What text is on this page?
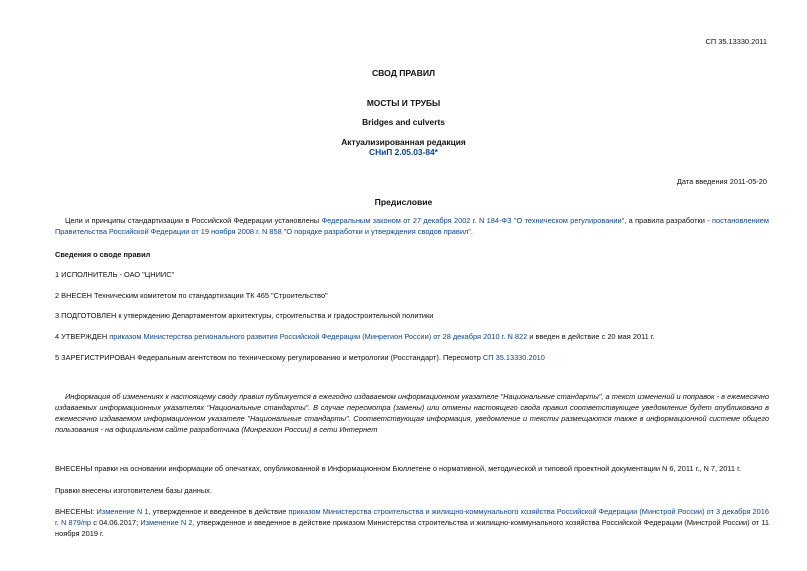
СП 35.13330.2011
СВОД ПРАВИЛ
МОСТЫ И ТРУБЫ
Bridges and culverts
Актуализированная редакция
СНиП 2.05.03-84*
Дата введения 2011-05-20
Предисловие
Цели и принципы стандартизации в Российской Федерации установлены Федеральным законом от 27 декабря 2002 г. N 184-ФЗ "О техническом регулировании", а правила разработки - постановлением Правительства Российской Федерации от 19 ноября 2008 г. N 858 "О порядке разработки и утверждения сводов правил".
Сведения о своде правил
1 ИСПОЛНИТЕЛЬ - ОАО "ЦНИИС"
2 ВНЕСЕН Техническим комитетом по стандартизации ТК 465 "Строительство"
3 ПОДГОТОВЛЕН к утверждению Департаментом архитектуры, строительства и градостроительной политики
4 УТВЕРЖДЕН приказом Министерства регионального развития Российской Федерации (Минрегион России) от 28 декабря 2010 г. N 822 и введен в действие с 20 мая 2011 г.
5 ЗАРЕГИСТРИРОВАН Федеральным агентством по техническому регулированию и метрологии (Росстандарт). Пересмотр СП 35.13330.2010
Информация об изменениях к настоящему своду правил публикуется в ежегодно издаваемом информационном указателе "Национальные стандарты", а текст изменений и поправок - в ежемесячно
издаваемых информационных указателях "Национальные стандарты". В случае пересмотра (замены) или отмены настоящего свода правил соответствующее уведомление будет опубликовано в
ежемесячно издаваемом информационном указателе "Национальные стандарты". Соответствующая информация, уведомление и тексты размещаются также в информационной системе общего
пользования - на официальном сайте разработчика (Минрегион России) в сети Интернет
ВНЕСЕНЫ правки на основании информации об опечатках, опубликованной в Информационном Бюллетене о нормативной, методической и типовой проектной документации N 6, 2011 г., N 7, 2011 г.
Правки внесены изготовителем базы данных.
ВНЕСЕНЫ: Изменение N 1, утвержденное и введенное в действие приказом Министерства строительства и жилищно-коммунального хозяйства Российской Федерации (Минстрой России) от 3 декабря 2016 г. N 879/пр с 04.06.2017; Изменение N 2, утвержденное и введенное в действие приказом Министерства строительства и жилищно-коммунального хозяйства Российской Федерации (Минстрой России) от 11 ноября 2019 г.
